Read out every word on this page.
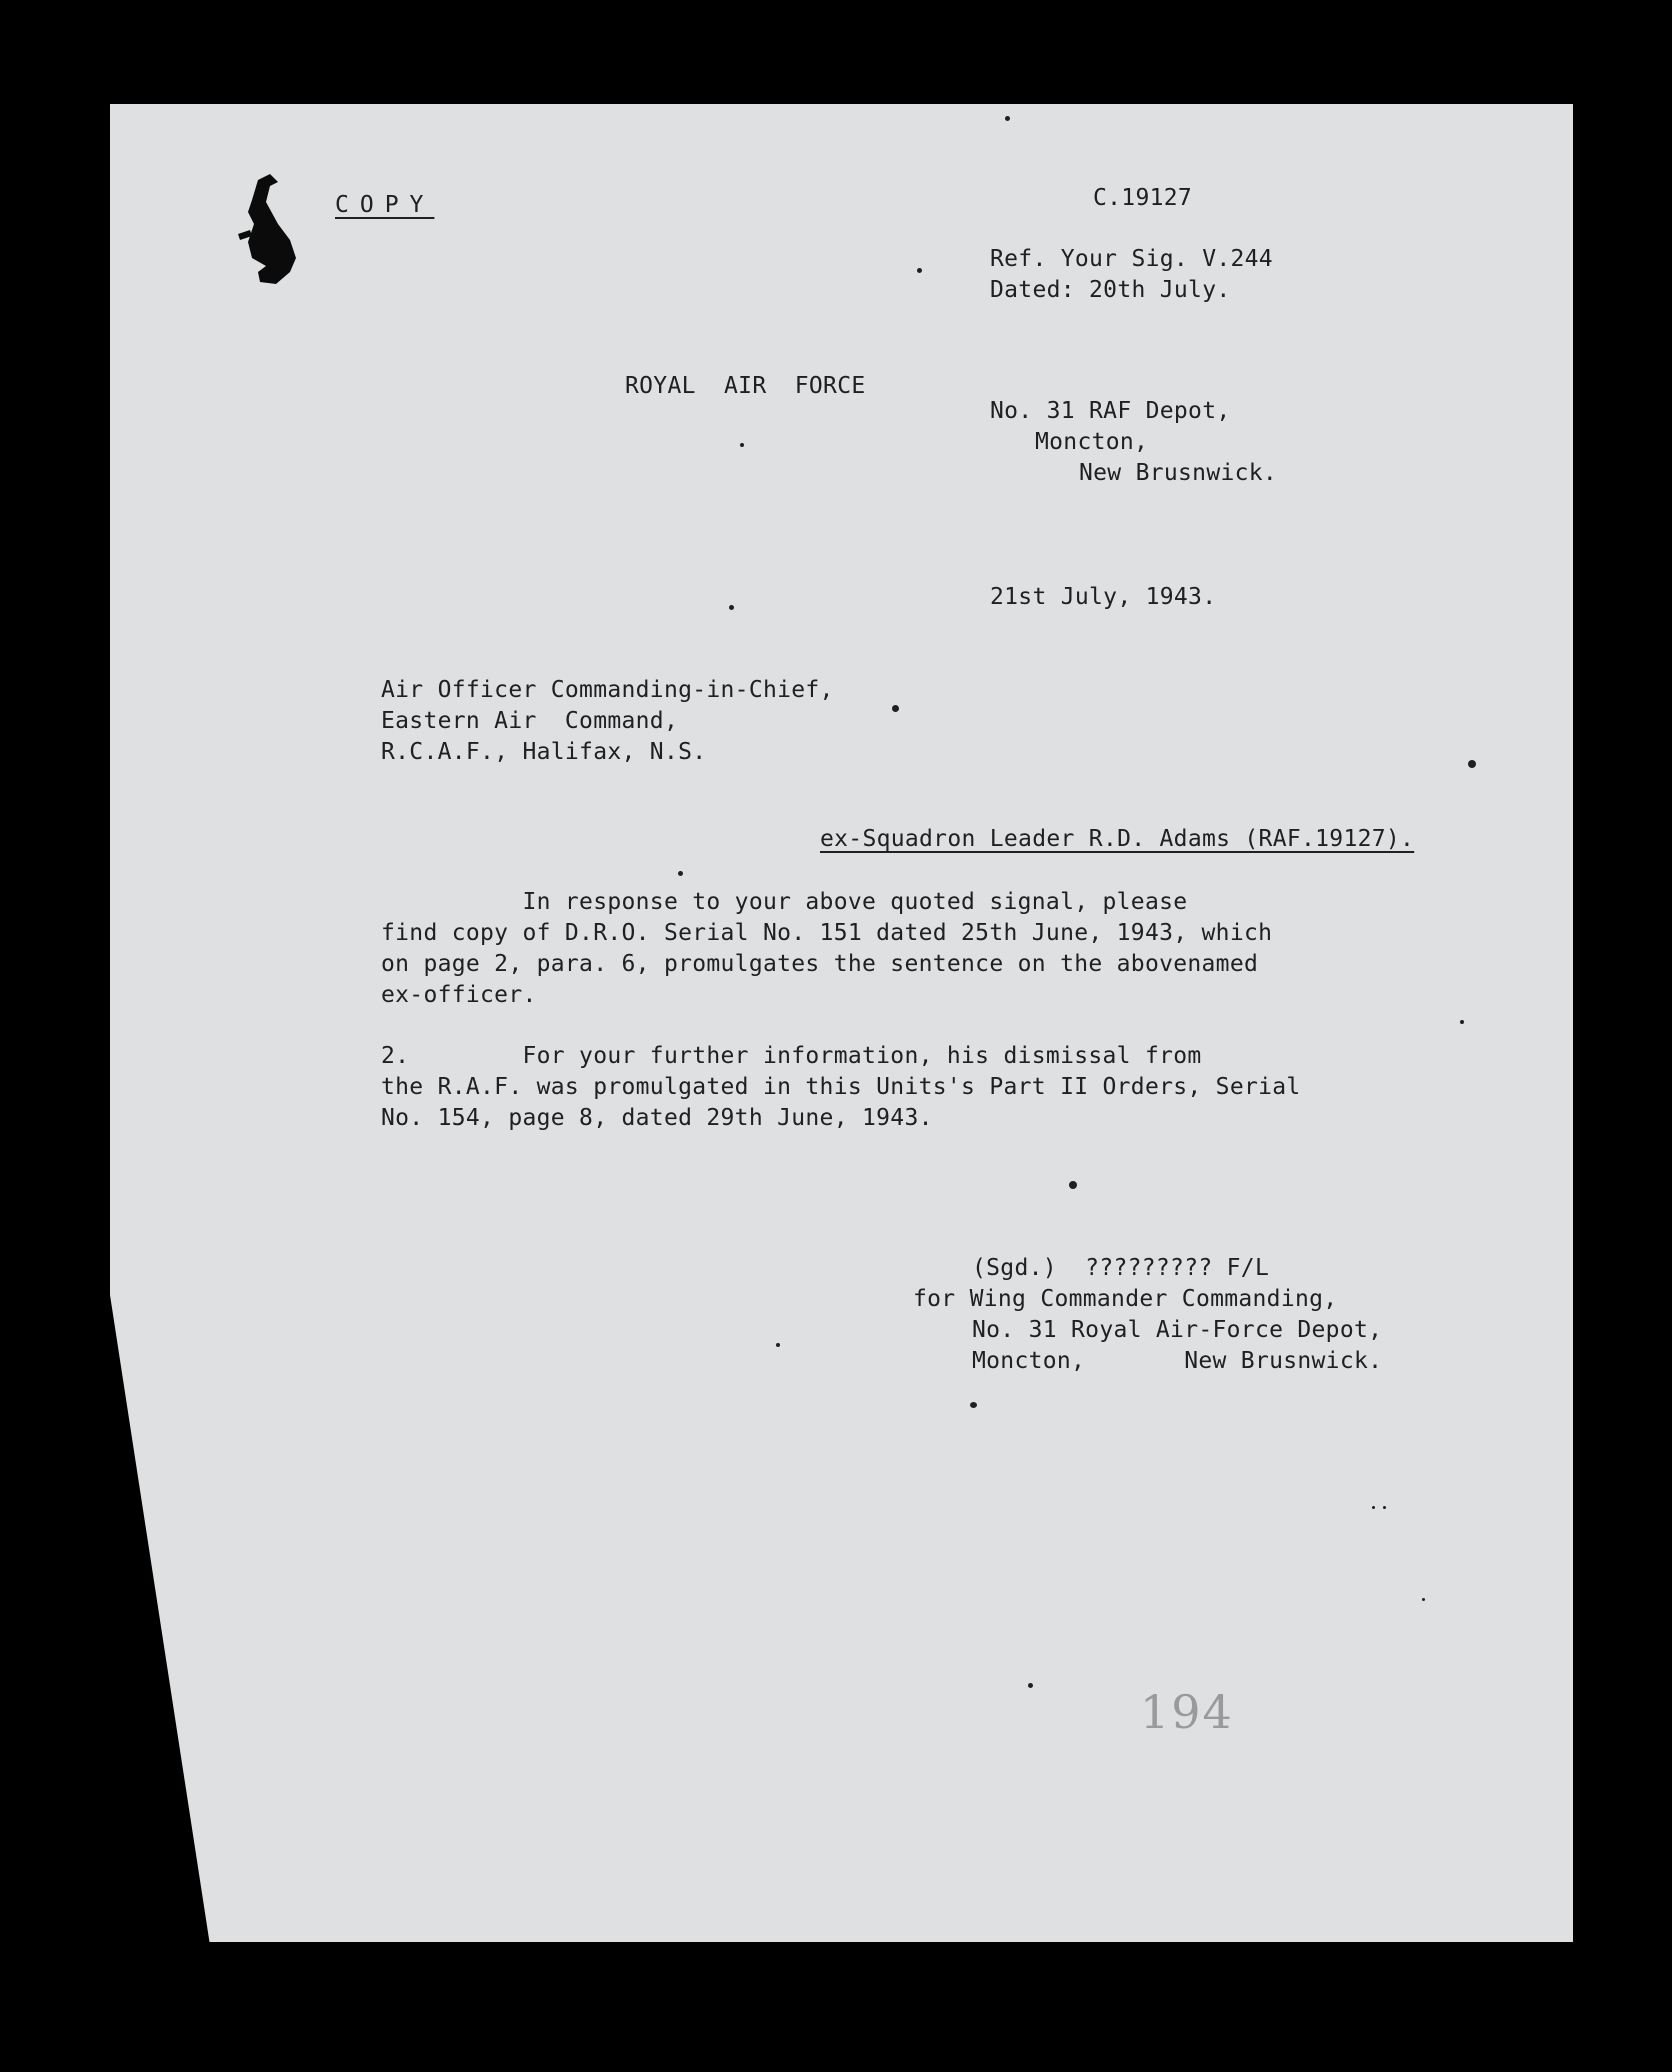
COPY	C.19127
Ref. Your Sig. V.244
Dated: 20th July.
ROYAL  AIR  FORCE
No. 31 RAF Depot,
Moncton,
New Brusnwick.
21st July, 1943.
Air Officer Commanding-in-Chief,
Eastern Air  Command,
R.C.A.F., Halifax, N.S.
ex-Squadron Leader R.D. Adams (RAF.19127).
In response to your above quoted signal, please
find copy of D.R.O. Serial No. 151 dated 25th June, 1943, which
on page 2, para. 6, promulgates the sentence on the abovenamed
ex-officer.
2.        For your further information, his dismissal from
the R.A.F. was promulgated in this Units's Part II Orders, Serial
No. 154, page 8, dated 29th June, 1943.
(Sgd.)  ????????? F/L
for Wing Commander Commanding,
No. 31 Royal Air-Force Depot,
Moncton,       New Brusnwick.
194
